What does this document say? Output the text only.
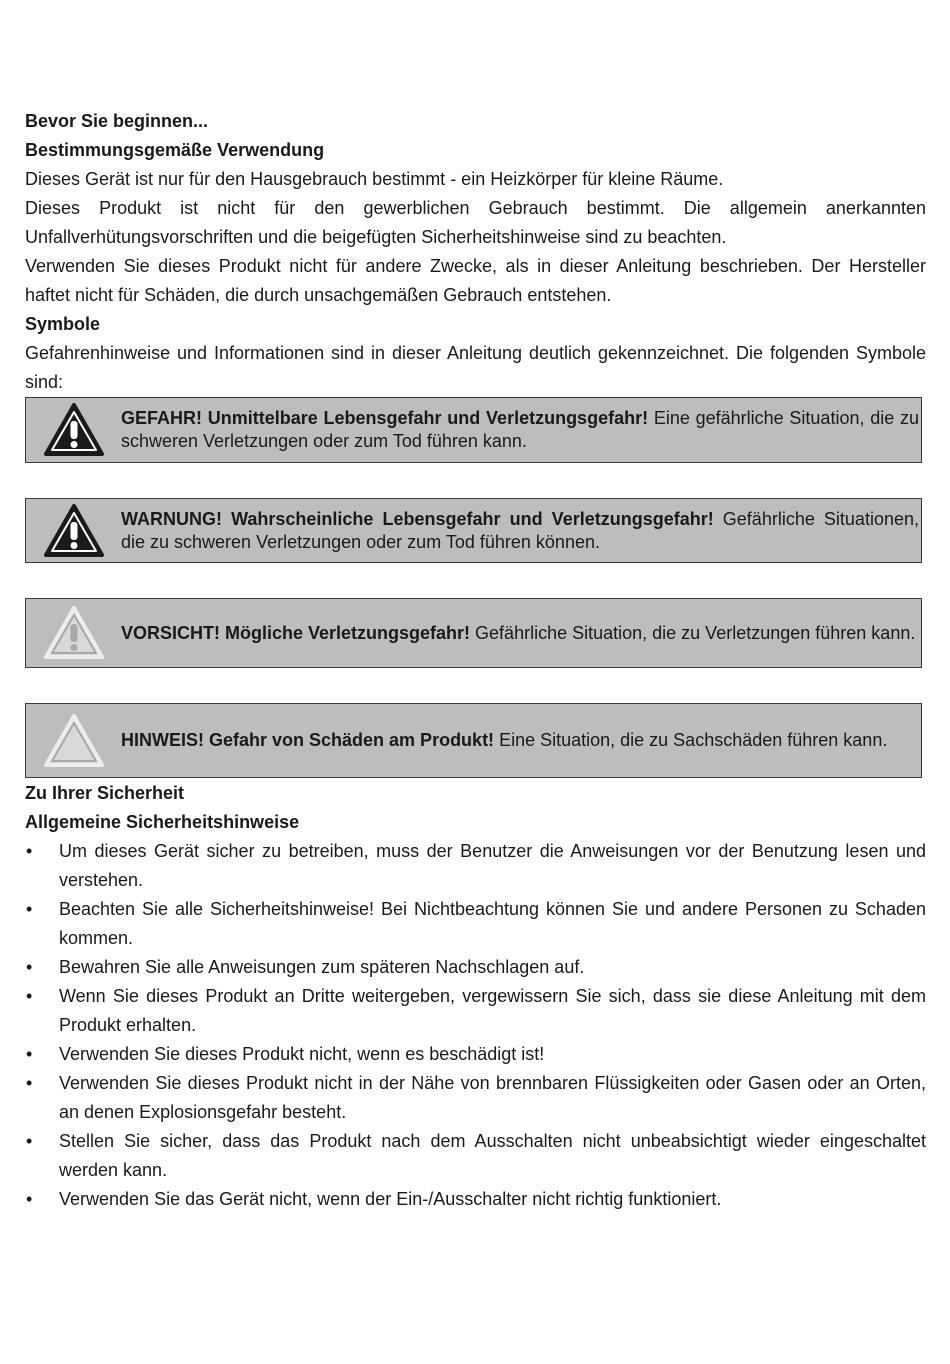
Bevor Sie beginnen...

Bestimmungsgemäße Verwendung

Dieses Gerät ist nur für den Hausgebrauch bestimmt - ein Heizkörper für kleine Räume.

Dieses Produkt ist nicht für den gewerblichen Gebrauch bestimmt. Die allgemein anerkannten Unfallverhütungsvorschriften und die beigefügten Sicherheitshinweise sind zu beachten.

Verwenden Sie dieses Produkt nicht für andere Zwecke, als in dieser Anleitung beschrieben. Der Hersteller haftet nicht für Schäden, die durch unsachgemäßen Gebrauch entstehen.

Symbole

Gefahrenhinweise und Informationen sind in dieser Anleitung deutlich gekennzeichnet. Die folgenden Symbole sind:

GEFAHR! Unmittelbare Lebensgefahr und Verletzungsgefahr! Eine gefährliche Situation, die zu schweren Verletzungen oder zum Tod führen kann.
WARNUNG! Wahrscheinliche Lebensgefahr und Verletzungsgefahr! Gefährliche Situationen, die zu schweren Verletzungen oder zum Tod führen können.
VORSICHT! Mögliche Verletzungsgefahr! Gefährliche Situation, die zu Verletzungen führen kann.
HINWEIS! Gefahr von Schäden am Produkt! Eine Situation, die zu Sachschäden führen kann.

Zu Ihrer Sicherheit

Allgemeine Sicherheitshinweise

• Um dieses Gerät sicher zu betreiben, muss der Benutzer die Anweisungen vor der Benutzung lesen und verstehen.
• Beachten Sie alle Sicherheitshinweise! Bei Nichtbeachtung können Sie und andere Personen zu Schaden kommen.
• Bewahren Sie alle Anweisungen zum späteren Nachschlagen auf.
• Wenn Sie dieses Produkt an Dritte weitergeben, vergewissern Sie sich, dass sie diese Anleitung mit dem Produkt erhalten.
• Verwenden Sie dieses Produkt nicht, wenn es beschädigt ist!
• Verwenden Sie dieses Produkt nicht in der Nähe von brennbaren Flüssigkeiten oder Gasen oder an Orten, an denen Explosionsgefahr besteht.
• Stellen Sie sicher, dass das Produkt nach dem Ausschalten nicht unbeabsichtigt wieder eingeschaltet werden kann.
• Verwenden Sie das Gerät nicht, wenn der Ein-/Ausschalter nicht richtig funktioniert.
